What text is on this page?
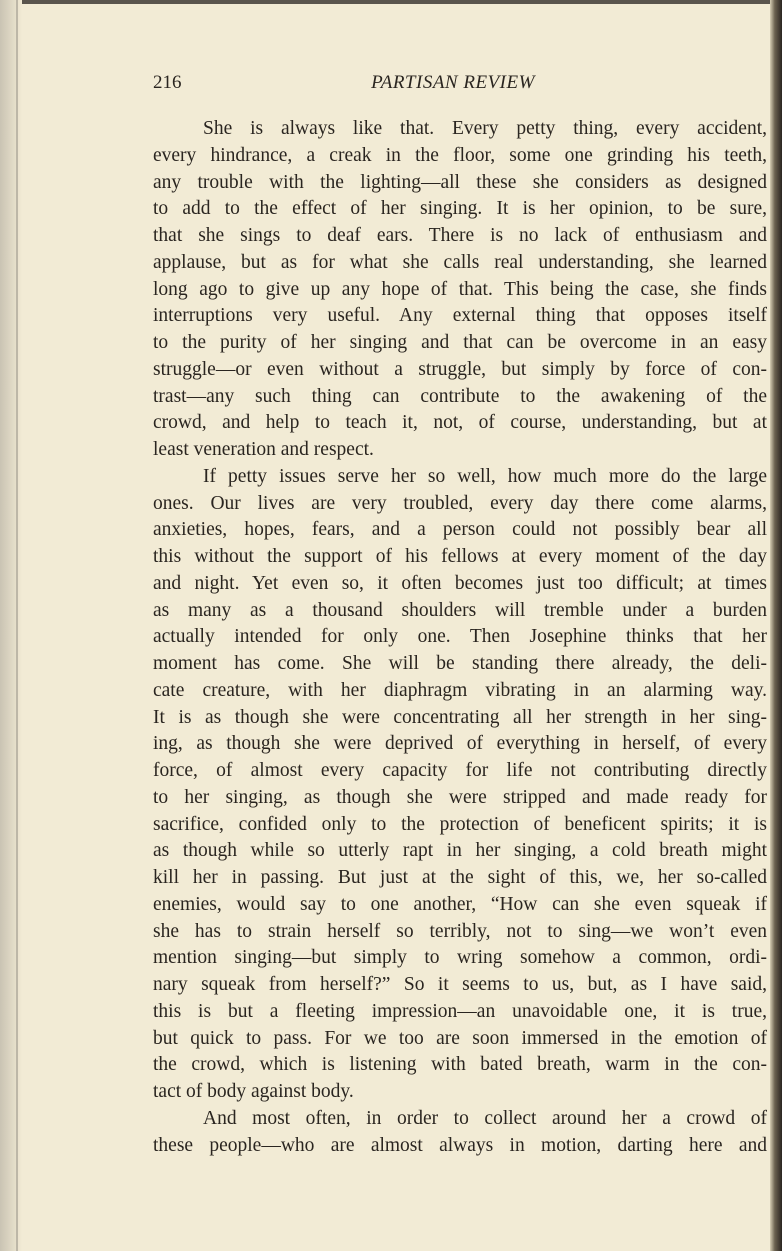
216	PARTISAN REVIEW
She is always like that. Every petty thing, every accident,
every hindrance, a creak in the floor, some one grinding his teeth,
any trouble with the lighting—all these she considers as designed
to add to the effect of her singing. It is her opinion, to be sure,
that she sings to deaf ears. There is no lack of enthusiasm and
applause, but as for what she calls real understanding, she learned
long ago to give up any hope of that. This being the case, she finds
interruptions very useful. Any external thing that opposes itself
to the purity of her singing and that can be overcome in an easy
struggle—or even without a struggle, but simply by force of con-
trast—any such thing can contribute to the awakening of the
crowd, and help to teach it, not, of course, understanding, but at
least veneration and respect.
If petty issues serve her so well, how much more do the large
ones. Our lives are very troubled, every day there come alarms,
anxieties, hopes, fears, and a person could not possibly bear all
this without the support of his fellows at every moment of the day
and night. Yet even so, it often becomes just too difficult; at times
as many as a thousand shoulders will tremble under a burden
actually intended for only one. Then Josephine thinks that her
moment has come. She will be standing there already, the deli-
cate creature, with her diaphragm vibrating in an alarming way.
It is as though she were concentrating all her strength in her sing-
ing, as though she were deprived of everything in herself, of every
force, of almost every capacity for life not contributing directly
to her singing, as though she were stripped and made ready for
sacrifice, confided only to the protection of beneficent spirits; it is
as though while so utterly rapt in her singing, a cold breath might
kill her in passing. But just at the sight of this, we, her so-called
enemies, would say to one another, “How can she even squeak if
she has to strain herself so terribly, not to sing—we won’t even
mention singing—but simply to wring somehow a common, ordi-
nary squeak from herself?” So it seems to us, but, as I have said,
this is but a fleeting impression—an unavoidable one, it is true,
but quick to pass. For we too are soon immersed in the emotion of
the crowd, which is listening with bated breath, warm in the con-
tact of body against body.
And most often, in order to collect around her a crowd of
these people—who are almost always in motion, darting here and
